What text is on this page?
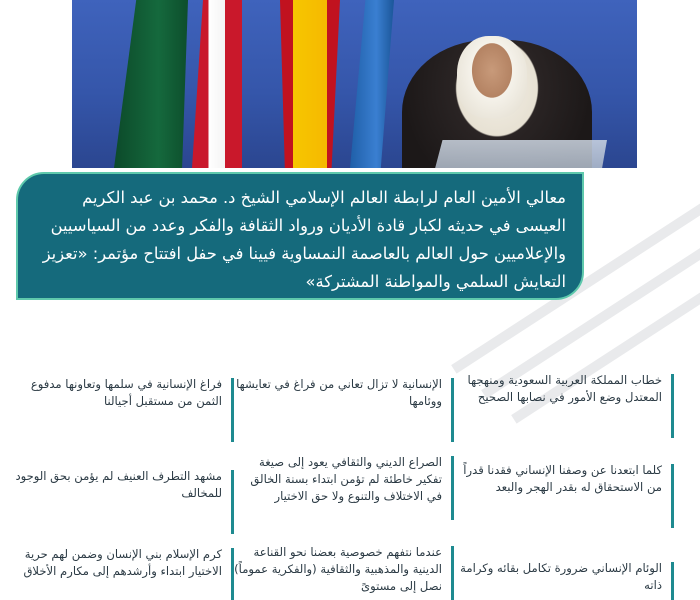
معالي الأمين العام لرابطة العالم الإسلامي الشيخ د. محمد بن عبد الكريم العيسى في حديثه لكبار قادة الأديان ورواد الثقافة والفكر وعدد من السياسيين والإعلاميين حول العالم بالعاصمة النمساوية فيينا في حفل افتتاح مؤتمر: «تعزيز التعايش السلمي والمواطنة المشتركة»
خطاب المملكة العربية السعودية ومنهجها المعتدل وضع الأمور في نصابها الصحيح
الإنسانية لا تزال تعاني من فراغ في تعايشها ووئامها
فراغ الإنسانية في سلمها وتعاونها مدفوع الثمن من مستقبل أجيالنا
كلما ابتعدنا عن وصفنا الإنساني فقدنا قدراً من الاستحقاق له بقدر الهجر والبعد
الصراع الديني والثقافي يعود إلى صيغة تفكير خاطئة لم تؤمن ابتداء بسنة الخالق في الاختلاف والتنوع ولا حق الاختيار
مشهد التطرف العنيف لم يؤمن بحق الوجود للمخالف
الوئام الإنساني ضرورة تكامل بقائه وكرامة ذاته
عندما نتفهم خصوصية بعضنا نحو القناعة الدينية والمذهبية والثقافية (والفكرية عموماً) نصل إلى مستوىً
كرم الإسلام بني الإنسان وضمن لهم حرية الاختيار ابتداء وأرشدهم إلى مكارم الأخلاق
